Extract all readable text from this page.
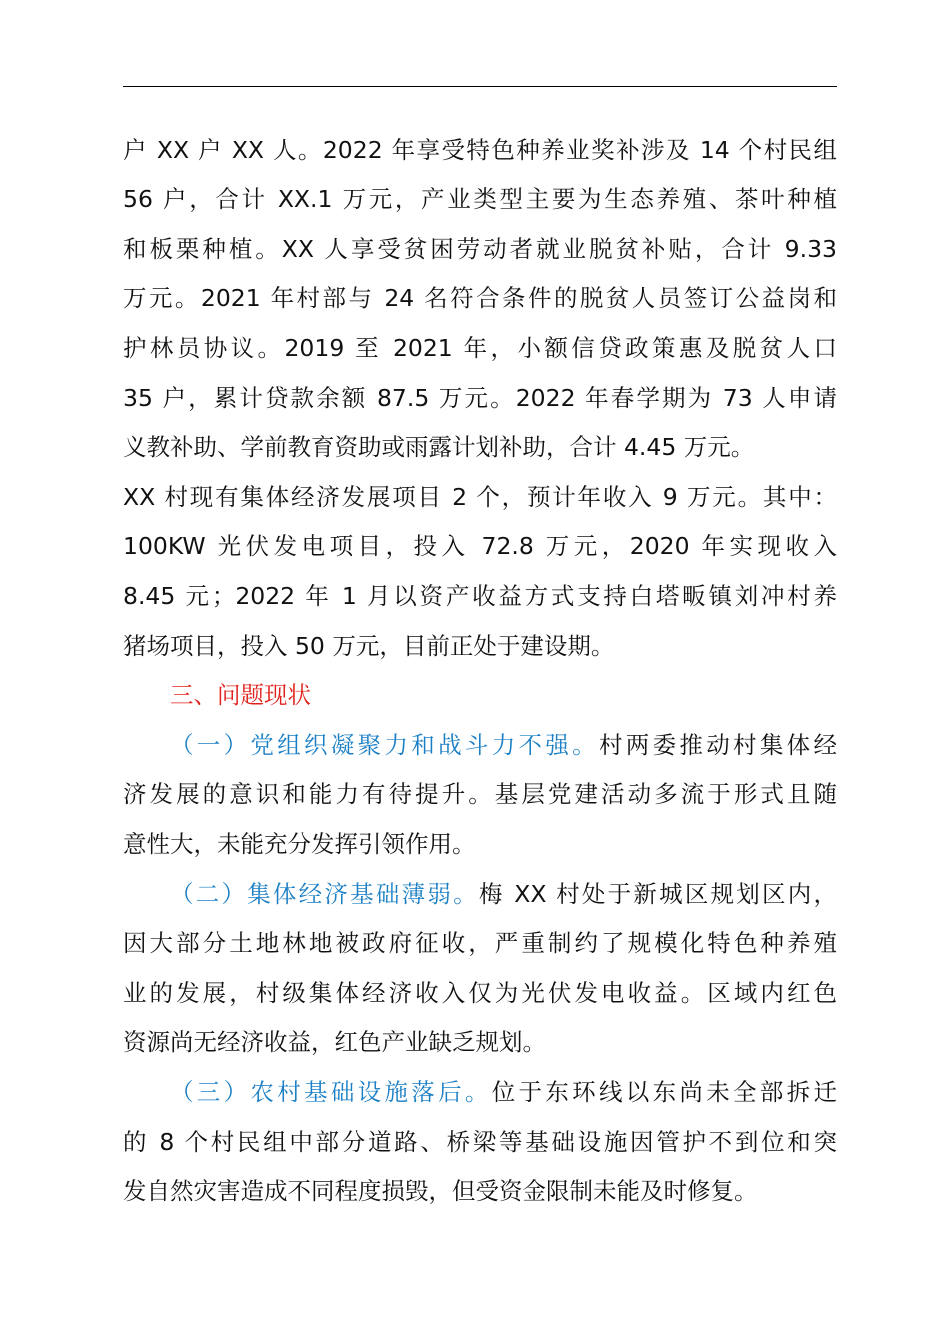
户 XX 户 XX 人。2022 年享受特色种养业奖补涉及 14 个村民组
56 户，合计 XX.1 万元，产业类型主要为生态养殖、茶叶种植
和板栗种植。XX 人享受贫困劳动者就业脱贫补贴，合计 9.33
万元。2021 年村部与 24 名符合条件的脱贫人员签订公益岗和
护林员协议。2019 至 2021 年，小额信贷政策惠及脱贫人口
35 户，累计贷款余额 87.5 万元。2022 年春学期为 73 人申请
义教补助、学前教育资助或雨露计划补助，合计 4.45 万元。
XX 村现有集体经济发展项目 2 个，预计年收入 9 万元。其中：
100KW 光伏发电项目，投入 72.8 万元，2020 年实现收入
8.45 元；2022 年 1 月以资产收益方式支持白塔畈镇刘冲村养
猪场项目，投入 50 万元，目前正处于建设期。
三、问题现状
（一）党组织凝聚力和战斗力不强。村两委推动村集体经
济发展的意识和能力有待提升。基层党建活动多流于形式且随
意性大，未能充分发挥引领作用。
（二）集体经济基础薄弱。梅 XX 村处于新城区规划区内，
因大部分土地林地被政府征收，严重制约了规模化特色种养殖
业的发展，村级集体经济收入仅为光伏发电收益。区域内红色
资源尚无经济收益，红色产业缺乏规划。
（三）农村基础设施落后。位于东环线以东尚未全部拆迁
的 8 个村民组中部分道路、桥梁等基础设施因管护不到位和突
发自然灾害造成不同程度损毁，但受资金限制未能及时修复。
